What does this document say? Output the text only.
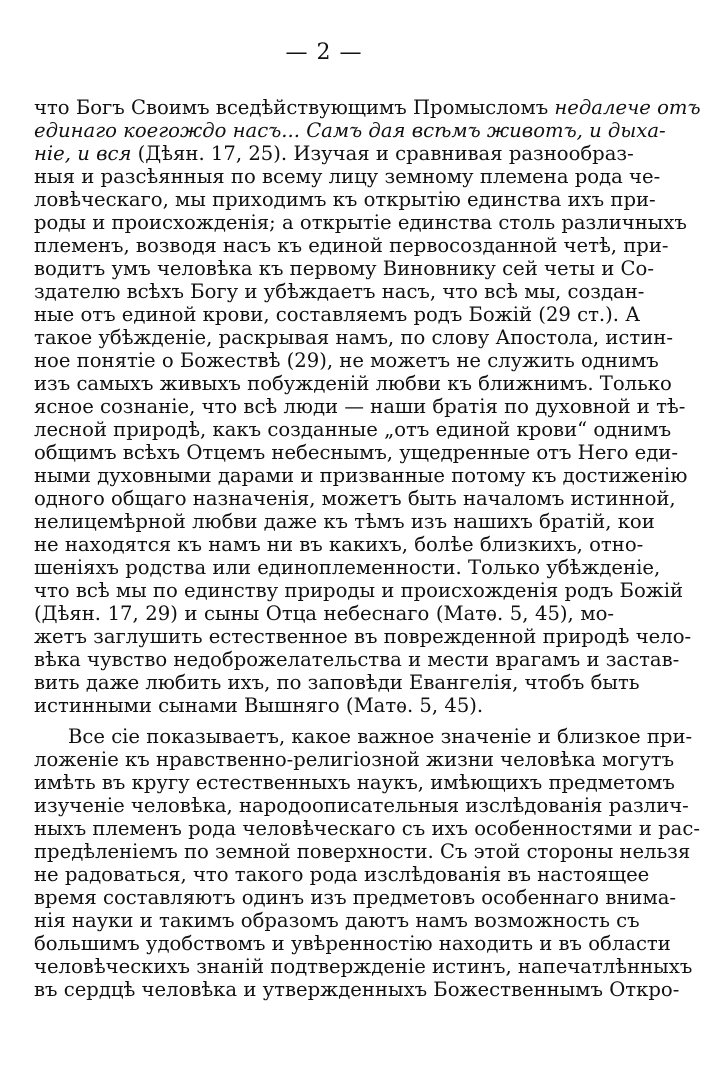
— 2 —
что Богъ Своимъ вседѣйствующимъ Промысломъ недалече отъ
единаго коегождо насъ... Самъ дая всѣмъ животъ, и дыха-
ніе, и вся (Дѣян. 17, 25). Изучая и сравнивая разнообраз-
ныя и разсѣянныя по всему лицу земному племена рода че-
ловѣческаго, мы приходимъ къ открытію единства ихъ при-
роды и происхожденія; а открытіе единства столь различныхъ
племенъ, возводя насъ къ единой первосозданной четѣ, при-
водитъ умъ человѣка къ первому Виновнику сей четы и Со-
здателю всѣхъ Богу и убѣждаетъ насъ, что всѣ мы, создан-
ные отъ единой крови, составляемъ родъ Божій (29 ст.). А
такое убѣжденіе, раскрывая намъ, по слову Апостола, истин-
ное понятіе о Божествѣ (29), не можетъ не служить однимъ
изъ самыхъ живыхъ побужденій любви къ ближнимъ. Только
ясное сознаніе, что всѣ люди — наши братія по духовной и тѣ-
лесной природѣ, какъ созданные „отъ единой крови“ однимъ
общимъ всѣхъ Отцемъ небеснымъ, ущедренные отъ Него еди-
ными духовными дарами и призванные потому къ достиженію
одного общаго назначенія, можетъ быть началомъ истинной,
нелицемѣрной любви даже къ тѣмъ изъ нашихъ братій, кои
не находятся къ намъ ни въ какихъ, болѣе близкихъ, отно-
шеніяхъ родства или единоплеменности. Только убѣжденіе,
что всѣ мы по единству природы и происхожденія родъ Божій
(Дѣян. 17, 29) и сыны Отца небеснаго (Матѳ. 5, 45), мо-
жетъ заглушить естественное въ поврежденной природѣ чело-
вѣка чувство недоброжелательства и мести врагамъ и застав-
вить даже любить ихъ, по заповѣди Евангелія, чтобъ быть
истинными сынами Вышняго (Матѳ. 5, 45).
Все сіе показываетъ, какое важное значеніе и близкое при-
ложеніе къ нравственно-религіозной жизни человѣка могутъ
имѣть въ кругу естественныхъ наукъ, имѣющихъ предметомъ
изученіе человѣка, народоописательныя изслѣдованія различ-
ныхъ племенъ рода человѣческаго съ ихъ особенностями и рас-
предѣленіемъ по земной поверхности. Съ этой стороны нельзя
не радоваться, что такого рода изслѣдованія въ настоящее
время составляютъ одинъ изъ предметовъ особеннаго внима-
нія науки и такимъ образомъ даютъ намъ возможность съ
большимъ удобствомъ и увѣренностію находить и въ области
человѣческихъ знаній подтвержденіе истинъ, напечатлѣнныхъ
въ сердцѣ человѣка и утвержденныхъ Божественнымъ Откро-
